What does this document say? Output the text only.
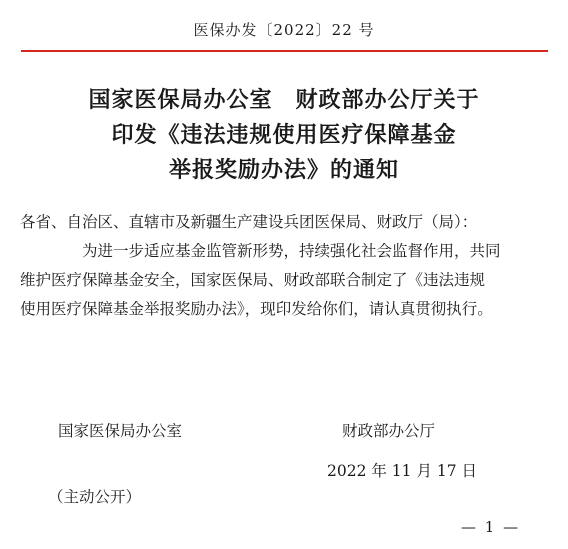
医保办发〔2022〕22 号
国家医保局办公室　财政部办公厅关于
印发《违法违规使用医疗保障基金
举报奖励办法》的通知
各省、自治区、直辖市及新疆生产建设兵团医保局、财政厅（局）：
为进一步适应基金监管新形势，持续强化社会监督作用，共同
维护医疗保障基金安全，国家医保局、财政部联合制定了《违法违规
使用医疗保障基金举报奖励办法》，现印发给你们，请认真贯彻执行。
国家医保局办公室	财政部办公厅
2022 年 11 月 17 日
（主动公开）
— 1 —
